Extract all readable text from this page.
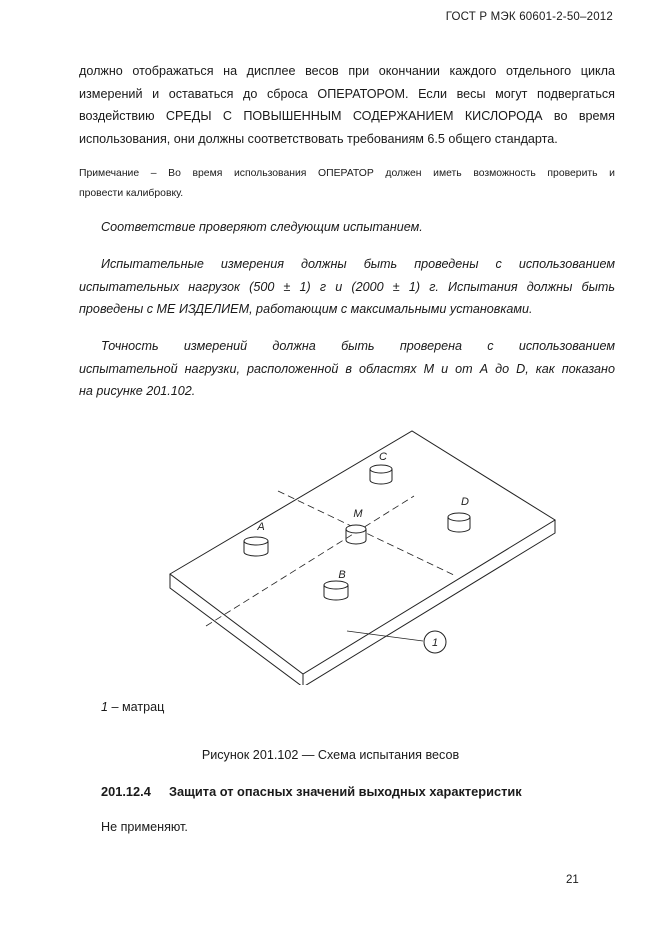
ГОСТ Р МЭК 60601-2-50–2012
должно отображаться на дисплее весов при окончании каждого отдельного цикла
измерений и оставаться до сброса ОПЕРАТОРОМ. Если весы могут подвергаться
воздействию СРЕДЫ С ПОВЫШЕННЫМ СОДЕРЖАНИЕМ КИСЛОРОДА во время
использования, они должны соответствовать требованиям 6.5 общего стандарта.
Примечание – Во время использования ОПЕРАТОР должен иметь возможность проверить и
провести калибровку.
Соответствие проверяют следующим испытанием.
Испытательные измерения должны быть проведены с использованием
испытательных нагрузок (500 ± 1) г и (2000 ± 1) г. Испытания должны быть
проведены с МЕ ИЗДЕЛИЕМ, работающим с максимальными установками.
Точность измерений должна быть проверена с использованием
испытательной нагрузки, расположенной в областях М и от А до D, как показано
на рисунке 201.102.
C
D
M
A
B
1
1 – матрац
Рисунок 201.102 — Схема испытания весов
201.12.4 Защита от опасных значений выходных характеристик
Не применяют.
21
